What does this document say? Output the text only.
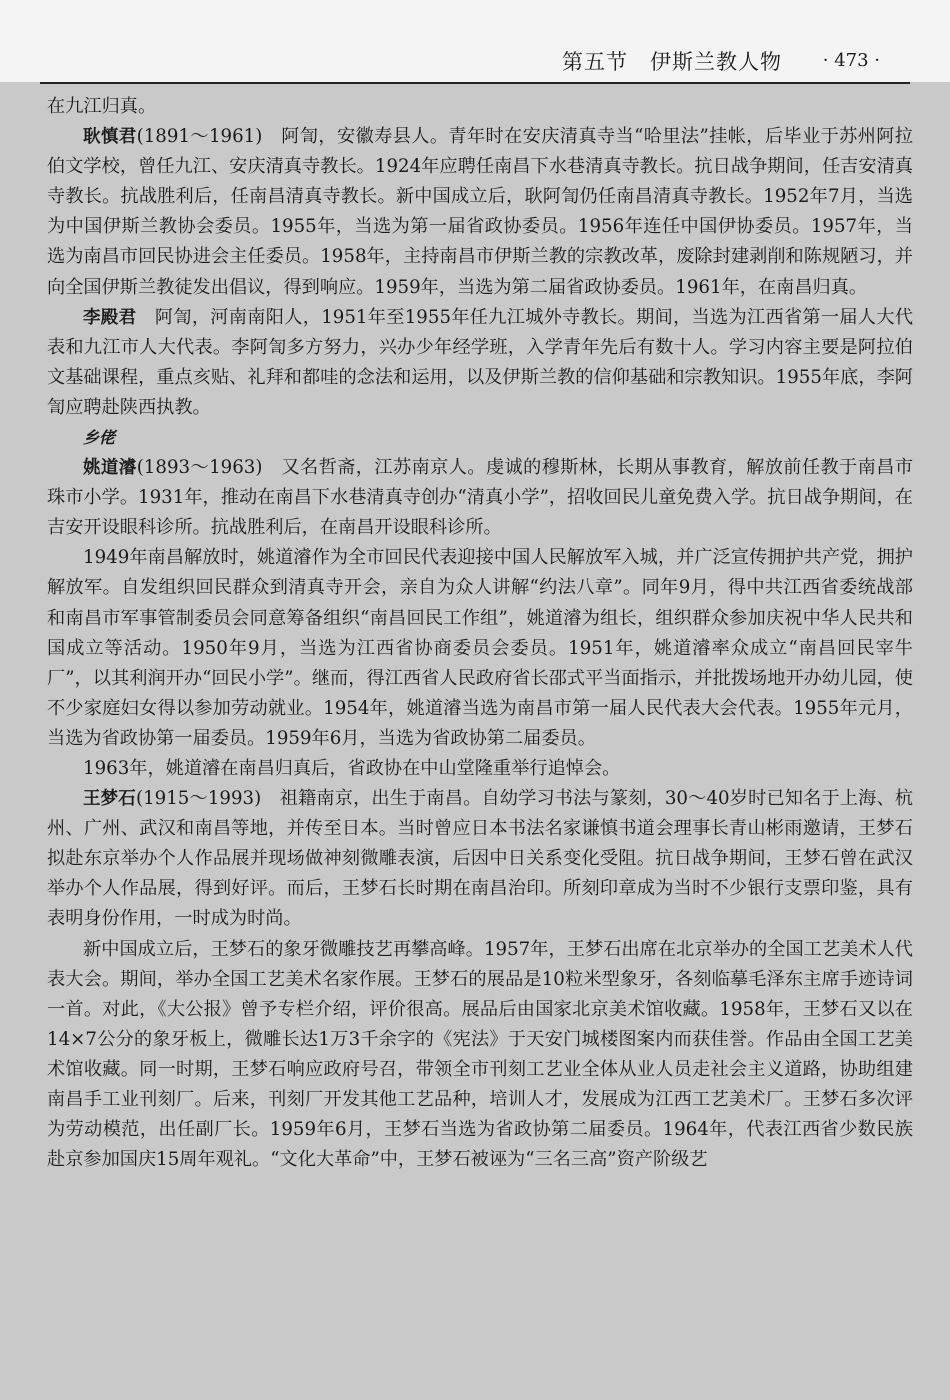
第五节　伊斯兰教人物 · 473 ·

在九江归真。

耿慎君(1891～1961)　阿訇，安徽寿县人。青年时在安庆清真寺当“哈里法”挂帐，后毕业于苏州阿拉伯文学校，曾任九江、安庆清真寺教长。1924年应聘任南昌下水巷清真寺教长。抗日战争期间，任吉安清真寺教长。抗战胜利后，任南昌清真寺教长。新中国成立后，耿阿訇仍任南昌清真寺教长。1952年7月，当选为中国伊斯兰教协会委员。1955年，当选为第一届省政协委员。1956年连任中国伊协委员。1957年，当选为南昌市回民协进会主任委员。1958年，主持南昌市伊斯兰教的宗教改革，废除封建剥削和陈规陋习，并向全国伊斯兰教徒发出倡议，得到响应。1959年，当选为第二届省政协委员。1961年，在南昌归真。

李殿君　阿訇，河南南阳人，1951年至1955年任九江城外寺教长。期间，当选为江西省第一届人大代表和九江市人大代表。李阿訇多方努力，兴办少年经学班，入学青年先后有数十人。学习内容主要是阿拉伯文基础课程，重点亥贴、礼拜和都哇的念法和运用，以及伊斯兰教的信仰基础和宗教知识。1955年底，李阿訇应聘赴陕西执教。

乡佬

姚道濬(1893～1963)　又名哲斋，江苏南京人。虔诚的穆斯林，长期从事教育，解放前任教于南昌市珠市小学。1931年，推动在南昌下水巷清真寺创办“清真小学”，招收回民儿童免费入学。抗日战争期间，在吉安开设眼科诊所。抗战胜利后，在南昌开设眼科诊所。

1949年南昌解放时，姚道濬作为全市回民代表迎接中国人民解放军入城，并广泛宣传拥护共产党，拥护解放军。自发组织回民群众到清真寺开会，亲自为众人讲解“约法八章”。同年9月，得中共江西省委统战部和南昌市军事管制委员会同意筹备组织“南昌回民工作组”，姚道濬为组长，组织群众参加庆祝中华人民共和国成立等活动。1950年9月，当选为江西省协商委员会委员。1951年，姚道濬率众成立“南昌回民宰牛厂”，以其利润开办“回民小学”。继而，得江西省人民政府省长邵式平当面指示，并批拨场地开办幼儿园，使不少家庭妇女得以参加劳动就业。1954年，姚道濬当选为南昌市第一届人民代表大会代表。1955年元月，当选为省政协第一届委员。1959年6月，当选为省政协第二届委员。

1963年，姚道濬在南昌归真后，省政协在中山堂隆重举行追悼会。

王梦石(1915～1993)　祖籍南京，出生于南昌。自幼学习书法与篆刻，30～40岁时已知名于上海、杭州、广州、武汉和南昌等地，并传至日本。当时曾应日本书法名家谦慎书道会理事长青山彬雨邀请，王梦石拟赴东京举办个人作品展并现场做神刻微雕表演，后因中日关系变化受阻。抗日战争期间，王梦石曾在武汉举办个人作品展，得到好评。而后，王梦石长时期在南昌治印。所刻印章成为当时不少银行支票印鉴，具有表明身份作用，一时成为时尚。

新中国成立后，王梦石的象牙微雕技艺再攀高峰。1957年，王梦石出席在北京举办的全国工艺美术人代表大会。期间，举办全国工艺美术名家作展。王梦石的展品是10粒米型象牙，各刻临摹毛泽东主席手迹诗词一首。对此，《大公报》曾予专栏介绍，评价很高。展品后由国家北京美术馆收藏。1958年，王梦石又以在14×7公分的象牙板上，微雕长达1万3千余字的《宪法》于天安门城楼图案内而获佳誉。作品由全国工艺美术馆收藏。同一时期，王梦石响应政府号召，带领全市刊刻工艺业全体从业人员走社会主义道路，协助组建南昌手工业刊刻厂。后来，刊刻厂开发其他工艺品种，培训人才，发展成为江西工艺美术厂。王梦石多次评为劳动模范，出任副厂长。1959年6月，王梦石当选为省政协第二届委员。1964年，代表江西省少数民族赴京参加国庆15周年观礼。“文化大革命”中，王梦石被诬为“三名三高”资产阶级艺
